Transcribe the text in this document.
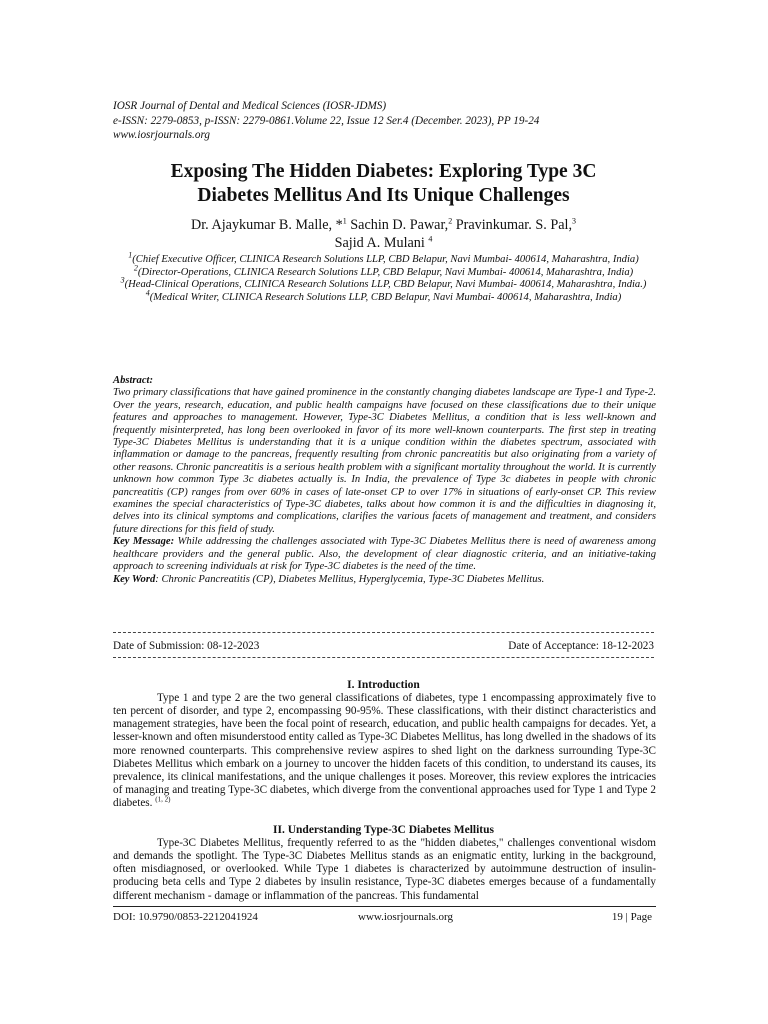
IOSR Journal of Dental and Medical Sciences (IOSR-JDMS)
e-ISSN: 2279-0853, p-ISSN: 2279-0861.Volume 22, Issue 12 Ser.4 (December. 2023), PP 19-24
www.iosrjournals.org
Exposing The Hidden Diabetes: Exploring Type 3C
Diabetes Mellitus And Its Unique Challenges
Dr. Ajaykumar B. Malle, *$^1$ Sachin D. Pawar,$^2$ Pravinkumar. S. Pal,$^3$
Sajid A. Mulani $^4$
$^1$(Chief Executive Officer, CLINICA Research Solutions LLP, CBD Belapur, Navi Mumbai- 400614, Maharashtra, India)
$^2$(Director-Operations, CLINICA Research Solutions LLP, CBD Belapur, Navi Mumbai- 400614, Maharashtra, India)
$^3$(Head-Clinical Operations, CLINICA Research Solutions LLP, CBD Belapur, Navi Mumbai- 400614, Maharashtra, India.)
$^4$(Medical Writer, CLINICA Research Solutions LLP, CBD Belapur, Navi Mumbai- 400614, Maharashtra, India)
Abstract:

Two primary classifications that have gained prominence in the constantly changing diabetes landscape are Type-1 and Type-2. Over the years, research, education, and public health campaigns have focused on these classifications due to their unique features and approaches to management. However, Type-3C Diabetes Mellitus, a condition that is less well-known and frequently misinterpreted, has long been overlooked in favor of its more well-known counterparts. The first step in treating Type-3C Diabetes Mellitus is understanding that it is a unique condition within the diabetes spectrum, associated with inflammation or damage to the pancreas, frequently resulting from chronic pancreatitis but also originating from a variety of other reasons. Chronic pancreatitis is a serious health problem with a significant mortality throughout the world. It is currently unknown how common Type 3c diabetes actually is. In India, the prevalence of Type 3c diabetes in people with chronic pancreatitis (CP) ranges from over 60% in cases of late-onset CP to over 17% in situations of early-onset CP. This review examines the special characteristics of Type-3C diabetes, talks about how common it is and the difficulties in diagnosing it, delves into its clinical symptoms and complications, clarifies the various facets of management and treatment, and considers future directions for this field of study.

Key Message: While addressing the challenges associated with Type-3C Diabetes Mellitus there is need of awareness among healthcare providers and the general public. Also, the development of clear diagnostic criteria, and an initiative-taking approach to screening individuals at risk for Type-3C diabetes is the need of the time.

Key Word: Chronic Pancreatitis (CP), Diabetes Mellitus, Hyperglycemia, Type-3C Diabetes Mellitus.

Date of Submission: 08-12-2023	Date of Acceptance: 18-12-2023
I. Introduction

Type 1 and type 2 are the two general classifications of diabetes, type 1 encompassing approximately five to ten percent of disorder, and type 2, encompassing 90-95%. These classifications, with their distinct characteristics and management strategies, have been the focal point of research, education, and public health campaigns for decades. Yet, a lesser-known and often misunderstood entity called as Type-3C Diabetes Mellitus, has long dwelled in the shadows of its more renowned counterparts. This comprehensive review aspires to shed light on the darkness surrounding Type-3C Diabetes Mellitus which embark on a journey to uncover the hidden facets of this condition, to understand its causes, its prevalence, its clinical manifestations, and the unique challenges it poses. Moreover, this review explores the intricacies of managing and treating Type-3C diabetes, which diverge from the conventional approaches used for Type 1 and Type 2 diabetes. $^{(1, 2)}$

II. Understanding Type-3C Diabetes Mellitus

Type-3C Diabetes Mellitus, frequently referred to as the "hidden diabetes," challenges conventional wisdom and demands the spotlight. The Type-3C Diabetes Mellitus stands as an enigmatic entity, lurking in the background, often misdiagnosed, or overlooked. While Type 1 diabetes is characterized by autoimmune destruction of insulin-producing beta cells and Type 2 diabetes by insulin resistance, Type-3C diabetes emerges because of a fundamentally different mechanism - damage or inflammation of the pancreas. This fundamental

DOI: 10.9790/0853-2212041924	www.iosrjournals.org	19 | Page
